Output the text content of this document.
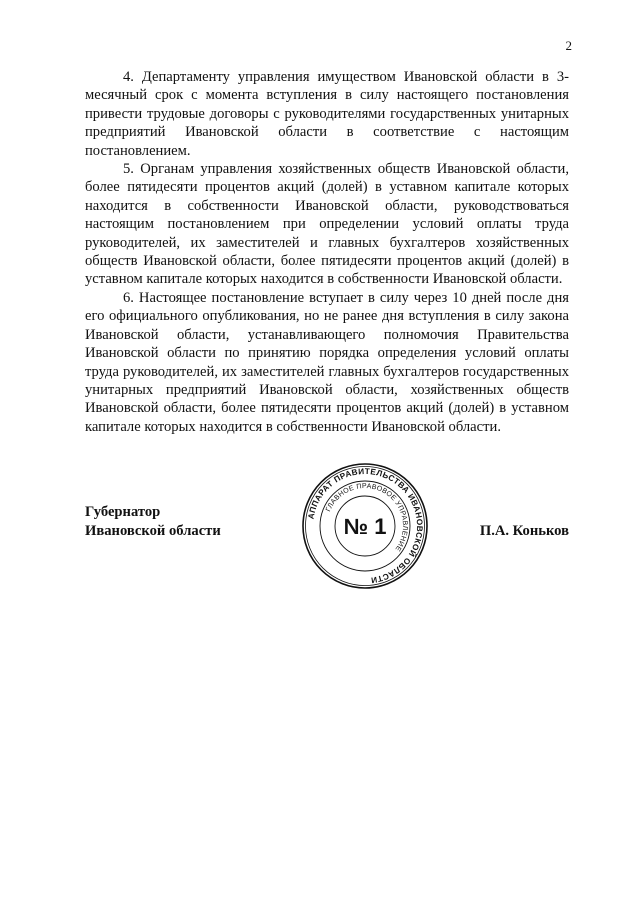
2

4. Департаменту управления имуществом Ивановской области в 3-месячный срок с момента вступления в силу настоящего постановления привести трудовые договоры с руководителями государственных унитарных предприятий Ивановской области в соответствие с настоящим постановлением.

5. Органам управления хозяйственных обществ Ивановской области, более пятидесяти процентов акций (долей) в уставном капитале которых находится в собственности Ивановской области, руководствоваться настоящим постановлением при определении условий оплаты труда руководителей, их заместителей и главных бухгалтеров хозяйственных обществ Ивановской области, более пятидесяти процентов акций (долей) в уставном капитале которых находится в собственности Ивановской области.

6. Настоящее постановление вступает в силу через 10 дней после дня его официального опубликования, но не ранее дня вступления в силу закона Ивановской области, устанавливающего полномочия Правительства Ивановской области по принятию порядка определения условий оплаты труда руководителей, их заместителей главных бухгалтеров государственных унитарных предприятий Ивановской области, хозяйственных обществ Ивановской области, более пятидесяти процентов акций (долей) в уставном капитале которых находится в собственности Ивановской области.

Губернатор
Ивановской области	П.А. Коньков
АППАРАТ ПРАВИТЕЛЬСТВА ИВАНОВСКОЙ ОБЛАСТИ
ГЛАВНОЕ ПРАВОВОЕ УПРАВЛЕНИЕ
№ 1
